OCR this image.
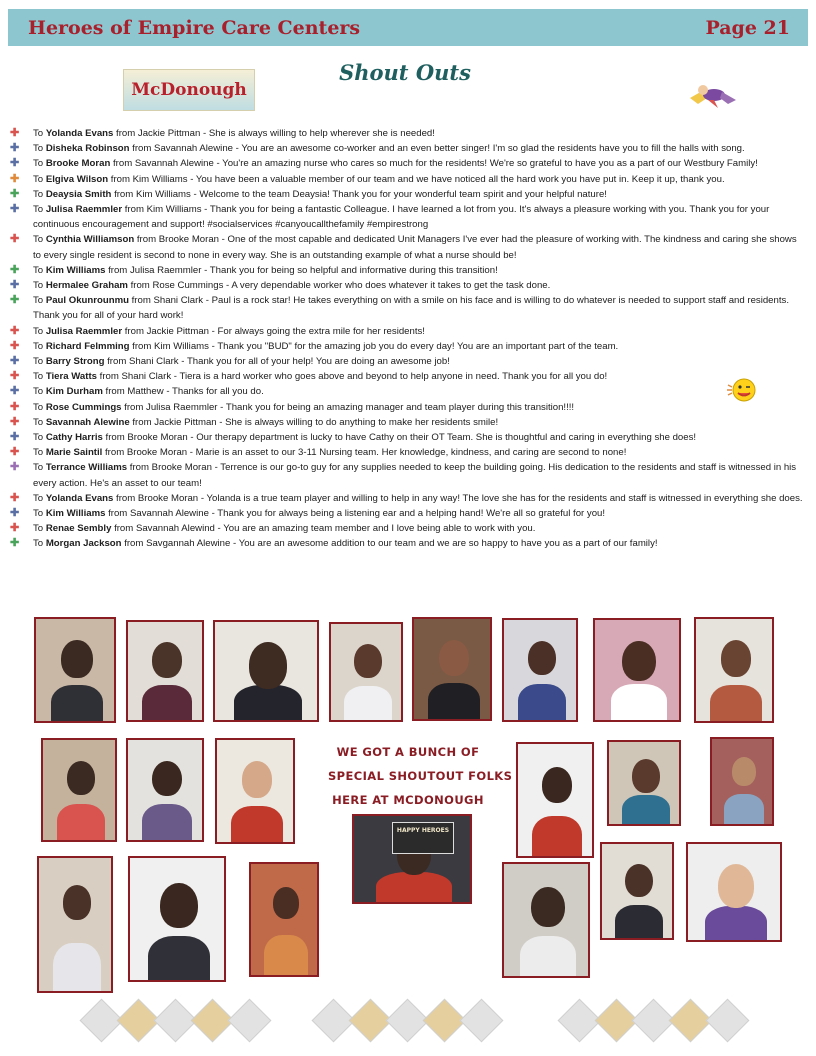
Heroes of Empire Care Centers	Page 21
McDonough
Shout Outs
✚ To Yolanda Evans from Jackie Pittman - She is always willing to help wherever she is needed!
✚ To Disheka Robinson from Savannah Alewine - You are an awesome co-worker and an even better singer! I'm so glad the residents have you to fill the halls with song.
✚ To Brooke Moran from Savannah Alewine - You're an amazing nurse who cares so much for the residents! We're so grateful to have you as a part of our Westbury Family!
✚ To Elgiva Wilson from Kim Williams - You have been a valuable member of our team and we have noticed all the hard work you have put in. Keep it up, thank you.
✚ To Deaysia Smith from Kim Williams - Welcome to the team Deaysia! Thank you for your wonderful team spirit and your helpful nature!
✚ To Julisa Raemmler from Kim Williams - Thank you for being a fantastic Colleague. I have learned a lot from you. It's always a pleasure working with you. Thank you for your continuous encouragement and support! #socialservices #canyoucallthefamily #empirestrong
✚ To Cynthia Williamson from Brooke Moran - One of the most capable and dedicated Unit Managers I've ever had the pleasure of working with. The kindness and caring she shows to every single resident is second to none in every way. She is an outstanding example of what a nurse should be!
✚ To Kim Williams from Julisa Raemmler - Thank you for being so helpful and informative during this transition!
✚ To Hermalee Graham from Rose Cummings - A very dependable worker who does whatever it takes to get the task done.
✚ To Paul Okunrounmu from Shani Clark - Paul is a rock star! He takes everything on with a smile on his face and is willing to do whatever is needed to support staff and residents. Thank you for all of your hard work!
✚ To Julisa Raemmler from Jackie Pittman - For always going the extra mile for her residents!
✚ To Richard Felmming from Kim Williams - Thank you "BUD" for the amazing job you do every day! You are an important part of the team.
✚ To Barry Strong from Shani Clark - Thank you for all of your help! You are doing an awesome job!
✚ To Tiera Watts from Shani Clark - Tiera is a hard worker who goes above and beyond to help anyone in need. Thank you for all you do!
✚ To Kim Durham from Matthew - Thanks for all you do.
✚ To Rose Cummings from Julisa Raemmler - Thank you for being an amazing manager and team player during this transition!!!!
✚ To Savannah Alewine from Jackie Pittman - She is always willing to do anything to make her residents smile!
✚ To Cathy Harris from Brooke Moran - Our therapy department is lucky to have Cathy on their OT Team. She is thoughtful and caring in everything she does!
✚ To Marie Saintil from Brooke Moran - Marie is an asset to our 3-11 Nursing team. Her knowledge, kindness, and caring are second to none!
✚ To Terrance Williams from Brooke Moran - Terrence is our go-to guy for any supplies needed to keep the building going. His dedication to the residents and staff is witnessed in his every action. He's an asset to our team!
✚ To Yolanda Evans from Brooke Moran - Yolanda is a true team player and willing to help in any way! The love she has for the residents and staff is witnessed in everything she does.
✚ To Kim Williams from Savannah Alewine - Thank you for always being a listening ear and a helping hand! We're all so grateful for you!
✚ To Renae Sembly from Savannah Alewind - You are an amazing team member and I love being able to work with you.
✚ To Morgan Jackson from Savgannah Alewine - You are an awesome addition to our team and we are so happy to have you as a part of our family!
WE GOT A BUNCH OF
SPECIAL SHOUTOUT FOLKS
HERE AT MCDONOUGH
HAPPY HEROES
